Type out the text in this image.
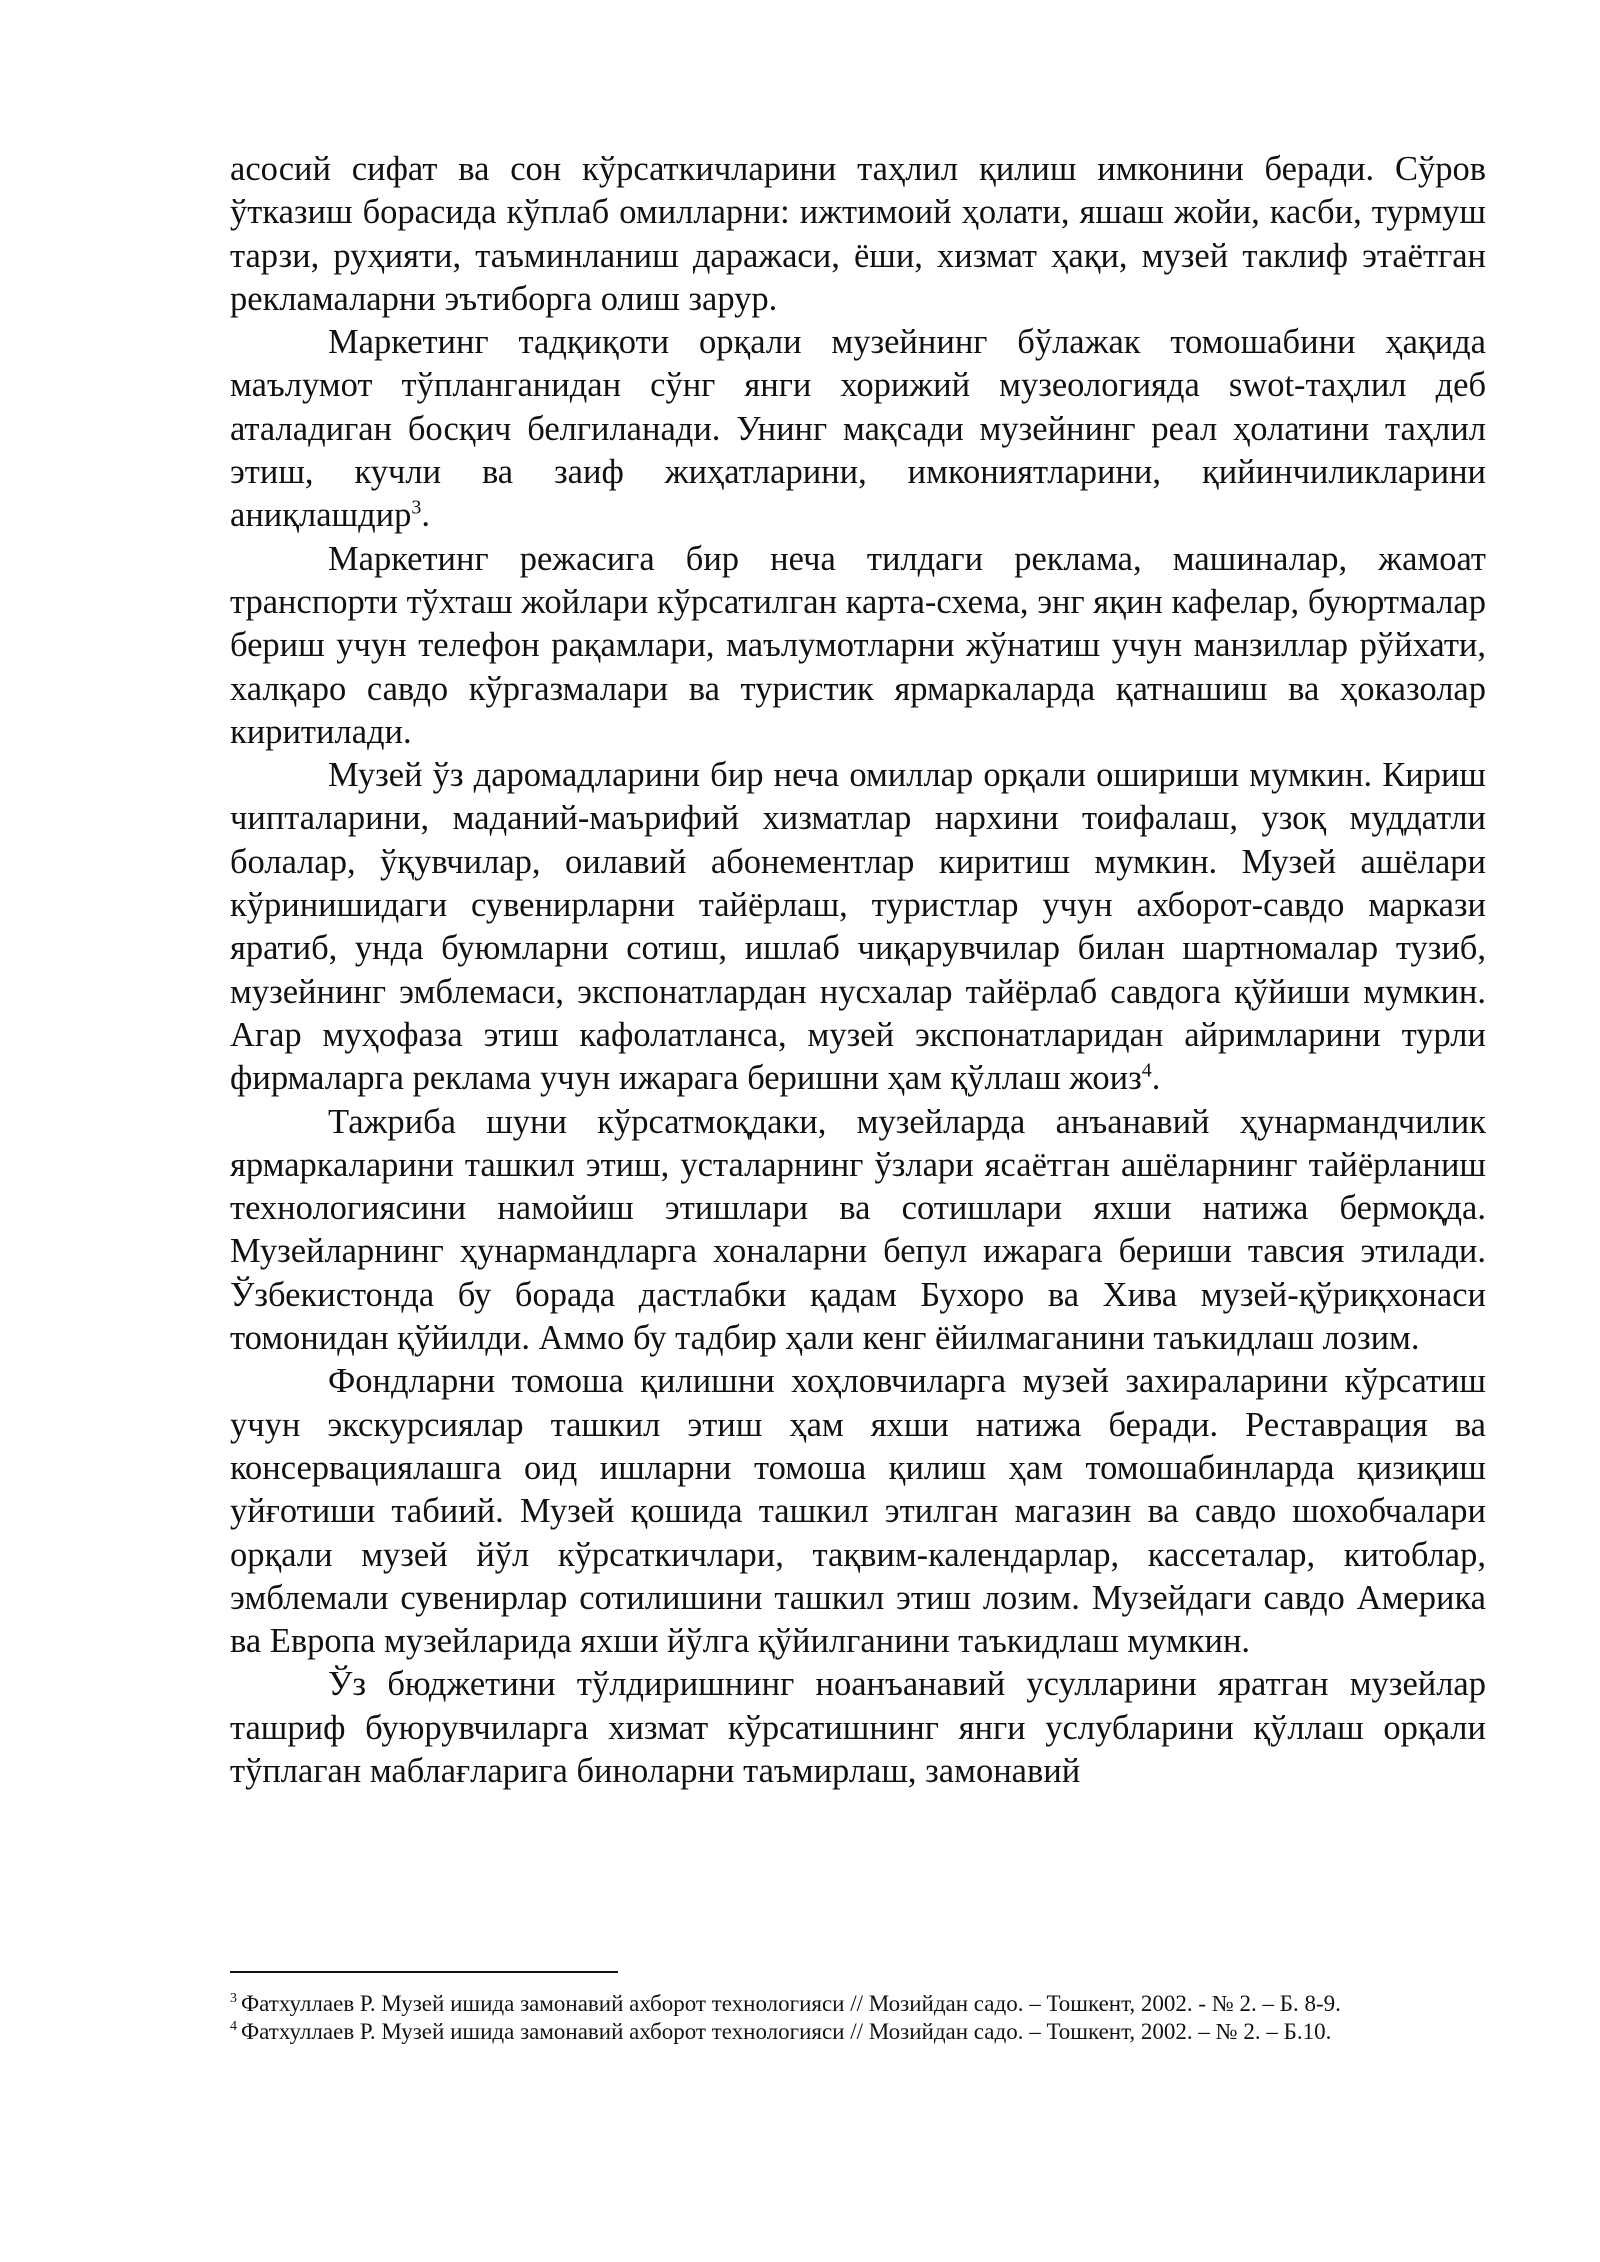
асосий сифат ва сон кўрсаткичларини таҳлил қилиш имконини беради. Сўров ўтказиш борасида кўплаб омилларни: ижтимоий ҳолати, яшаш жойи, касби, турмуш тарзи, руҳияти, таъминланиш даражаси, ёши, хизмат ҳақи, музей таклиф этаётган рекламаларни эътиборга олиш зарур.

Маркетинг тадқиқоти орқали музейнинг бўлажак томошабини ҳақида маълумот тўпланганидан сўнг янги хорижий музеологияда swot-таҳлил деб аталадиган босқич белгиланади. Унинг мақсади музейнинг реал ҳолатини таҳлил этиш, кучли ва заиф жиҳатларини, имкониятларини, қийинчиликларини аниқлашдир$^3$.

Маркетинг режасига бир неча тилдаги реклама, машиналар, жамоат транспорти тўхташ жойлари кўрсатилган карта-схема, энг яқин кафелар, буюртмалар бериш учун телефон рақамлари, маълумотларни жўнатиш учун манзиллар рўйхати, халқаро савдо кўргазмалари ва туристик ярмаркаларда қатнашиш ва ҳоказолар киритилади.

Музей ўз даромадларини бир неча омиллар орқали ошириши мумкин. Кириш чипталарини, маданий-маърифий хизматлар нархини тоифалаш, узоқ муддатли болалар, ўқувчилар, оилавий абонементлар киритиш мумкин. Музей ашёлари кўринишидаги сувенирларни тайёрлаш, туристлар учун ахборот-савдо маркази яратиб, унда буюмларни сотиш, ишлаб чиқарувчилар билан шартномалар тузиб, музейнинг эмблемаси, экспонатлардан нусхалар тайёрлаб савдога қўйиши мумкин. Агар муҳофаза этиш кафолатланса, музей экспонатларидан айримларини турли фирмаларга реклама учун ижарага беришни ҳам қўллаш жоиз$^4$.

Тажриба шуни кўрсатмоқдаки, музейларда анъанавий ҳунармандчилик ярмаркаларини ташкил этиш, усталарнинг ўзлари ясаётган ашёларнинг тайёрланиш технологиясини намойиш этишлари ва сотишлари яхши натижа бермоқда. Музейларнинг ҳунармандларга хоналарни бепул ижарага бериши тавсия этилади. Ўзбекистонда бу борада дастлабки қадам Бухоро ва Хива музей-қўриқхонаси томонидан қўйилди. Аммо бу тадбир ҳали кенг ёйилмаганини таъкидлаш лозим.

Фондларни томоша қилишни хоҳловчиларга музей захираларини кўрсатиш учун экскурсиялар ташкил этиш ҳам яхши натижа беради. Реставрация ва консервациялашга оид ишларни томоша қилиш ҳам томошабинларда қизиқиш уйғотиши табиий. Музей қошида ташкил этилган магазин ва савдо шохобчалари орқали музей йўл кўрсаткичлари, тақвим-календарлар, кассеталар, китоблар, эмблемали сувенирлар сотилишини ташкил этиш лозим. Музейдаги савдо Америка ва Европа музейларида яхши йўлга қўйилганини таъкидлаш мумкин.

Ўз бюджетини тўлдиришнинг ноанъанавий усулларини яратган музейлар ташриф буюрувчиларга хизмат кўрсатишнинг янги услубларини қўллаш орқали тўплаган маблағларига биноларни таъмирлаш, замонавий

$^3$ Фатхуллаев Р. Музей ишида замонавий ахборот технологияси // Мозийдан садо. – Тошкент, 2002. - № 2. – Б. 8-9.

$^4$ Фатхуллаев Р. Музей ишида замонавий ахборот технологияси // Мозийдан садо. – Тошкент, 2002. – № 2. – Б.10.
